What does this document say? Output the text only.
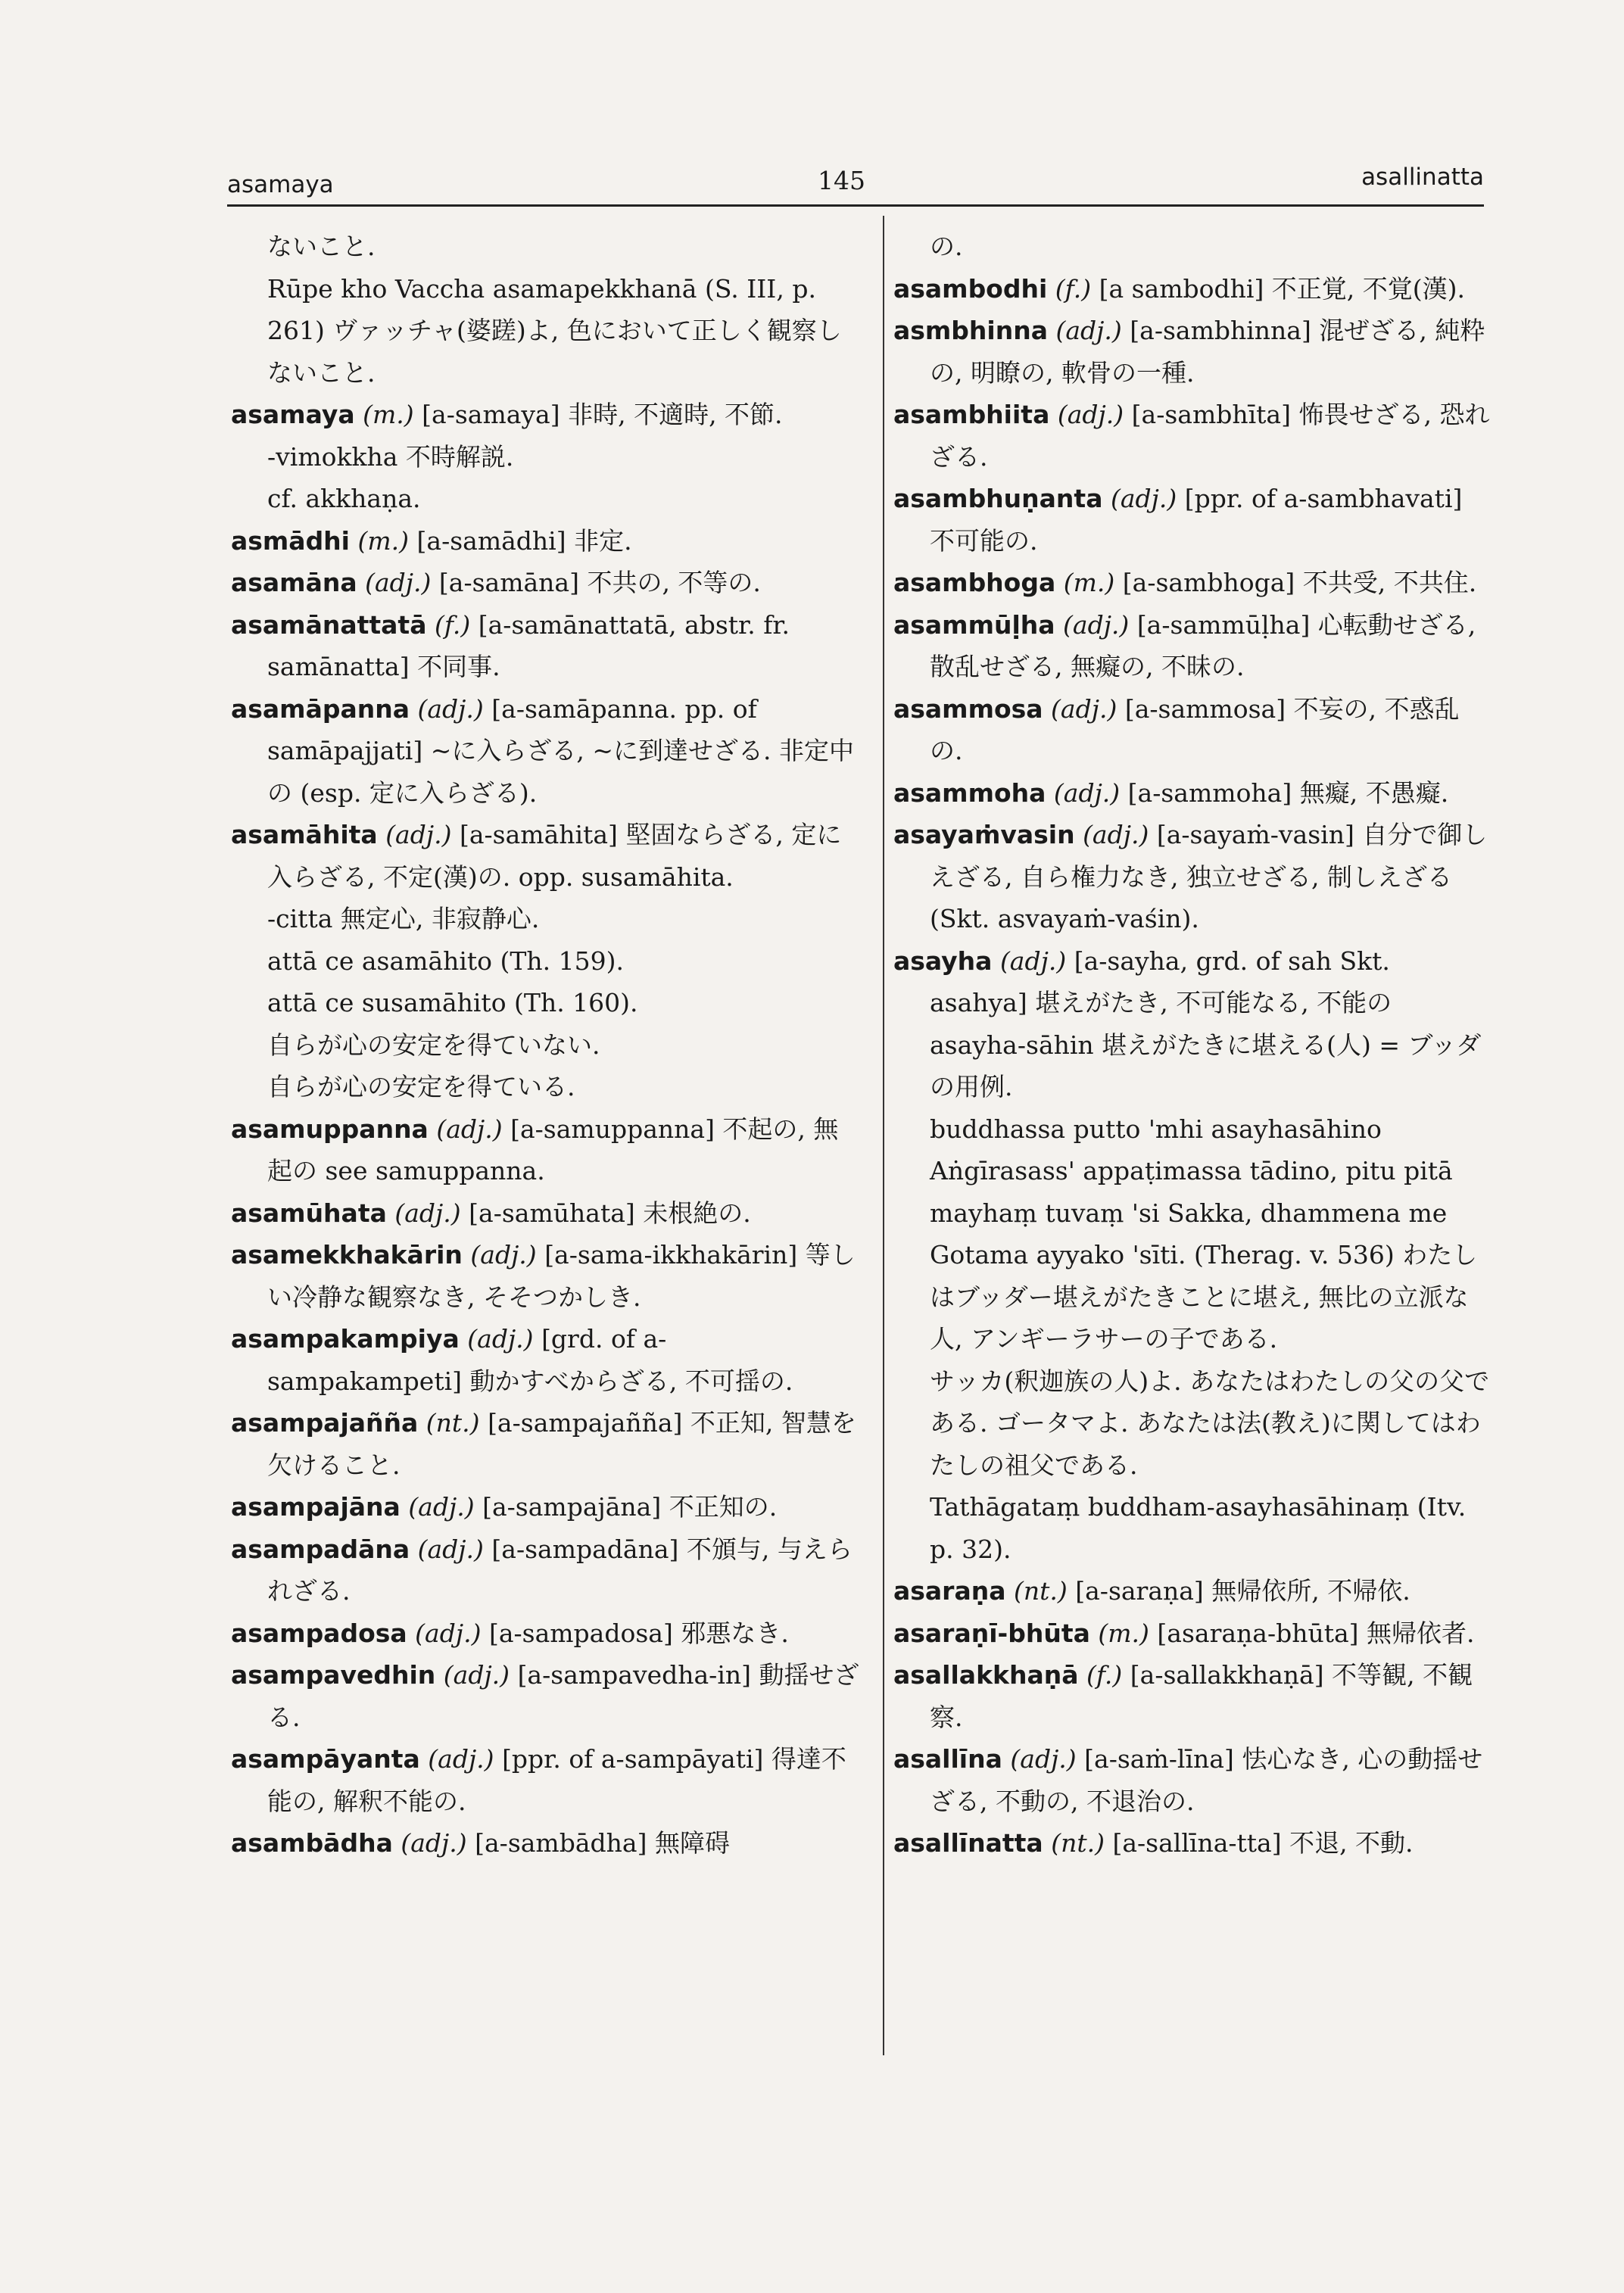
asamaya	145	asallinatta
ないこと.
Rūpe kho Vaccha asamapekkhanā (S. III, p. 261) ヴァッチャ(婆蹉)よ, 色において正しく観察しないこと.
asamaya (m.) [a-samaya] 非時, 不適時, 不節.
-vimokkha 不時解説.
cf. akkhaṇa.
asmādhi (m.) [a-samādhi] 非定.
asamāna (adj.) [a-samāna] 不共の, 不等の.
asamānattatā (f.) [a-samānattatā, abstr. fr. samānatta] 不同事.
asamāpanna (adj.) [a-samāpanna. pp. of samāpajjati] ~に入らざる, ~に到達せざる. 非定中の (esp. 定に入らざる).
asamāhita (adj.) [a-samāhita] 堅固ならざる, 定に入らざる, 不定(漢)の. opp. susamāhita.
-citta 無定心, 非寂静心.
attā ce asamāhito (Th. 159).
attā ce susamāhito (Th. 160).
自らが心の安定を得ていない.
自らが心の安定を得ている.
asamuppanna (adj.) [a-samuppanna] 不起の, 無起の see samuppanna.
asamūhata (adj.) [a-samūhata] 未根絶の.
asamekkhakārin (adj.) [a-sama-ikkhakārin] 等しい冷静な観察なき, そそつかしき.
asampakampiya (adj.) [grd. of a-sampakampeti] 動かすべからざる, 不可揺の.
asampajañña (nt.) [a-sampajañña] 不正知, 智慧を欠けること.
asampajāna (adj.) [a-sampajāna] 不正知の.
asampadāna (adj.) [a-sampadāna] 不頒与, 与えられざる.
asampadosa (adj.) [a-sampadosa] 邪悪なき.
asampavedhin (adj.) [a-sampavedha-in] 動揺せざる.
asampāyanta (adj.) [ppr. of a-sampāyati] 得達不能の, 解釈不能の.
asambādha (adj.) [a-sambādha] 無障碍
の.
asambodhi (f.) [a sambodhi] 不正覚, 不覚(漢).
asmbhinna (adj.) [a-sambhinna] 混ぜざる, 純粋の, 明瞭の, 軟骨の一種.
asambhiita (adj.) [a-sambhīta] 怖畏せざる, 恐れざる.
asambhuṇanta (adj.) [ppr. of a-sambhavati] 不可能の.
asambhoga (m.) [a-sambhoga] 不共受, 不共住.
asammūḷha (adj.) [a-sammūḷha] 心転動せざる, 散乱せざる, 無癡の, 不昧の.
asammosa (adj.) [a-sammosa] 不妄の, 不惑乱の.
asammoha (adj.) [a-sammoha] 無癡, 不愚癡.
asayaṁvasin (adj.) [a-sayaṁ-vasin] 自分で御しえざる, 自ら権力なき, 独立せざる, 制しえざる (Skt. asvayaṁ-vaśin).
asayha (adj.) [a-sayha, grd. of sah Skt. asahya] 堪えがたき, 不可能なる, 不能の asayha-sāhin 堪えがたきに堪える(人) = ブッダの用例.
buddhassa putto 'mhi asayhasāhino Aṅgīrasass' appaṭimassa tādino, pitu pitā mayhaṃ tuvaṃ 'si Sakka, dhammena me Gotama ayyako 'sīti. (Therag. v. 536) わたしはブッダー堪えがたきことに堪え, 無比の立派な人, アンギーラサーの子である.
サッカ(釈迦族の人)よ. あなたはわたしの父の父である. ゴータマよ. あなたは法(教え)に関してはわたしの祖父である.
Tathāgataṃ buddham-asayhasāhinaṃ (Itv. p. 32).
asaraṇa (nt.) [a-saraṇa] 無帰依所, 不帰依.
asaraṇī-bhūta (m.) [asaraṇa-bhūta] 無帰依者.
asallakkhaṇā (f.) [a-sallakkhaṇā] 不等観, 不観察.
asallīna (adj.) [a-saṁ-līna] 怯心なき, 心の動揺せざる, 不動の, 不退治の.
asallīnatta (nt.) [a-sallīna-tta] 不退, 不動.
